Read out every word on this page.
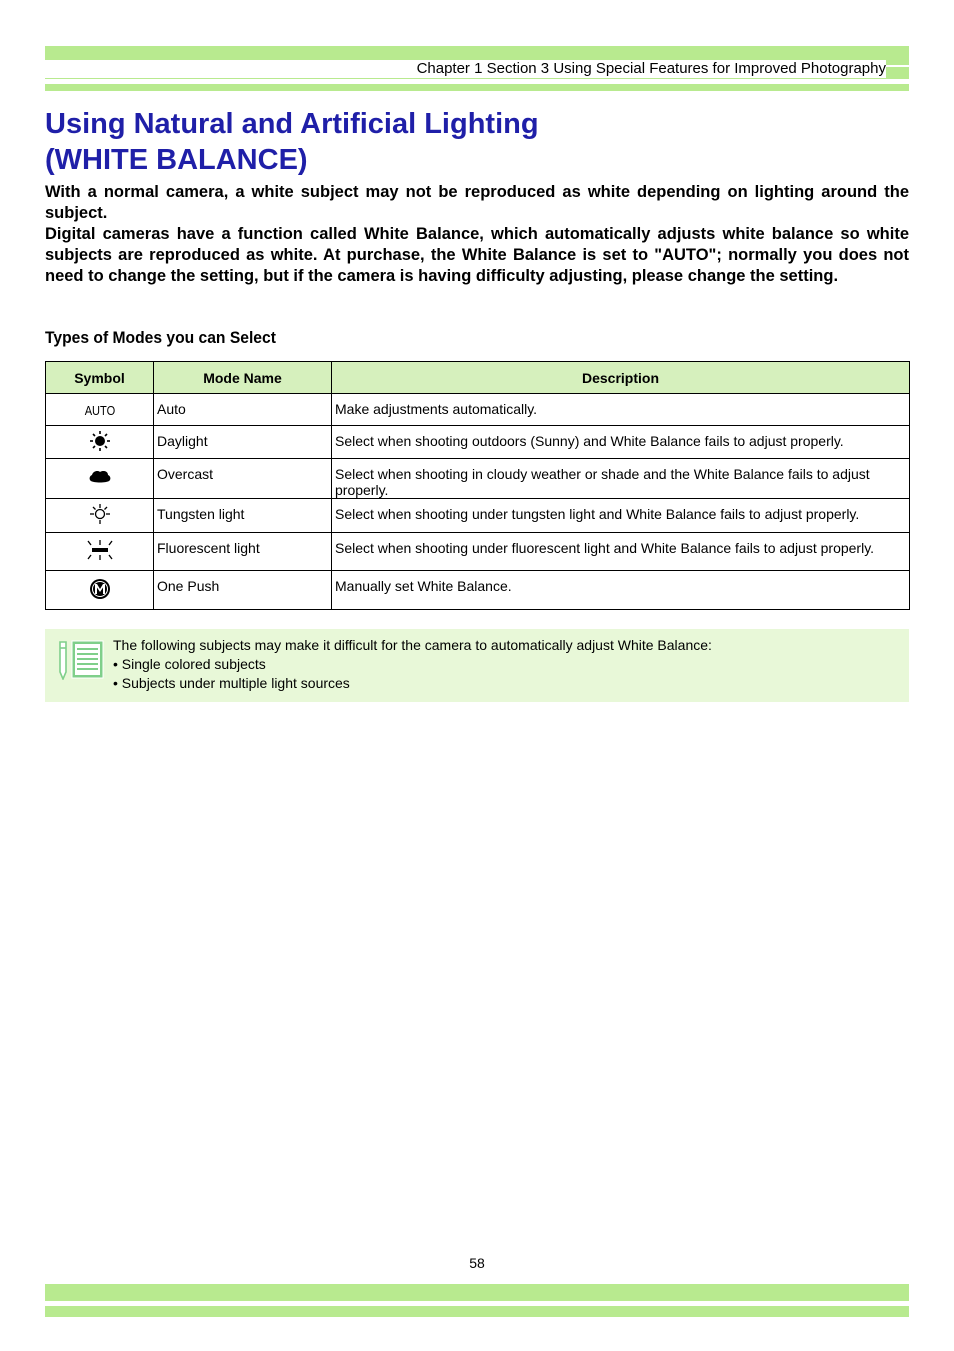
Chapter 1 Section 3 Using Special Features for Improved Photography
Using Natural and Artificial Lighting
(WHITE BALANCE)

With a normal camera, a white subject may not be reproduced as white depending on lighting around the subject.

Digital cameras have a function called White Balance, which automatically adjusts white balance so white subjects are reproduced as white. At purchase, the White Balance is set to "AUTO"; normally you does not need to change the setting, but if the camera is having difficulty adjusting, please change the setting.

Types of Modes you can Select
Symbol	Mode Name	Description
AUTO	Auto	Make adjustments automatically.
	Daylight	Select when shooting outdoors (Sunny) and White Balance fails to adjust properly.
	Overcast	Select when shooting in cloudy weather or shade and the White Balance fails to adjust properly.
	Tungsten light	Select when shooting under tungsten light and White Balance fails to adjust properly.
	Fluorescent light	Select when shooting under fluorescent light and White Balance fails to adjust properly.
	One Push	Manually set White Balance.
The following subjects may make it difficult for the camera to automatically adjust White Balance:
• Single colored subjects
• Subjects under multiple light sources
58
